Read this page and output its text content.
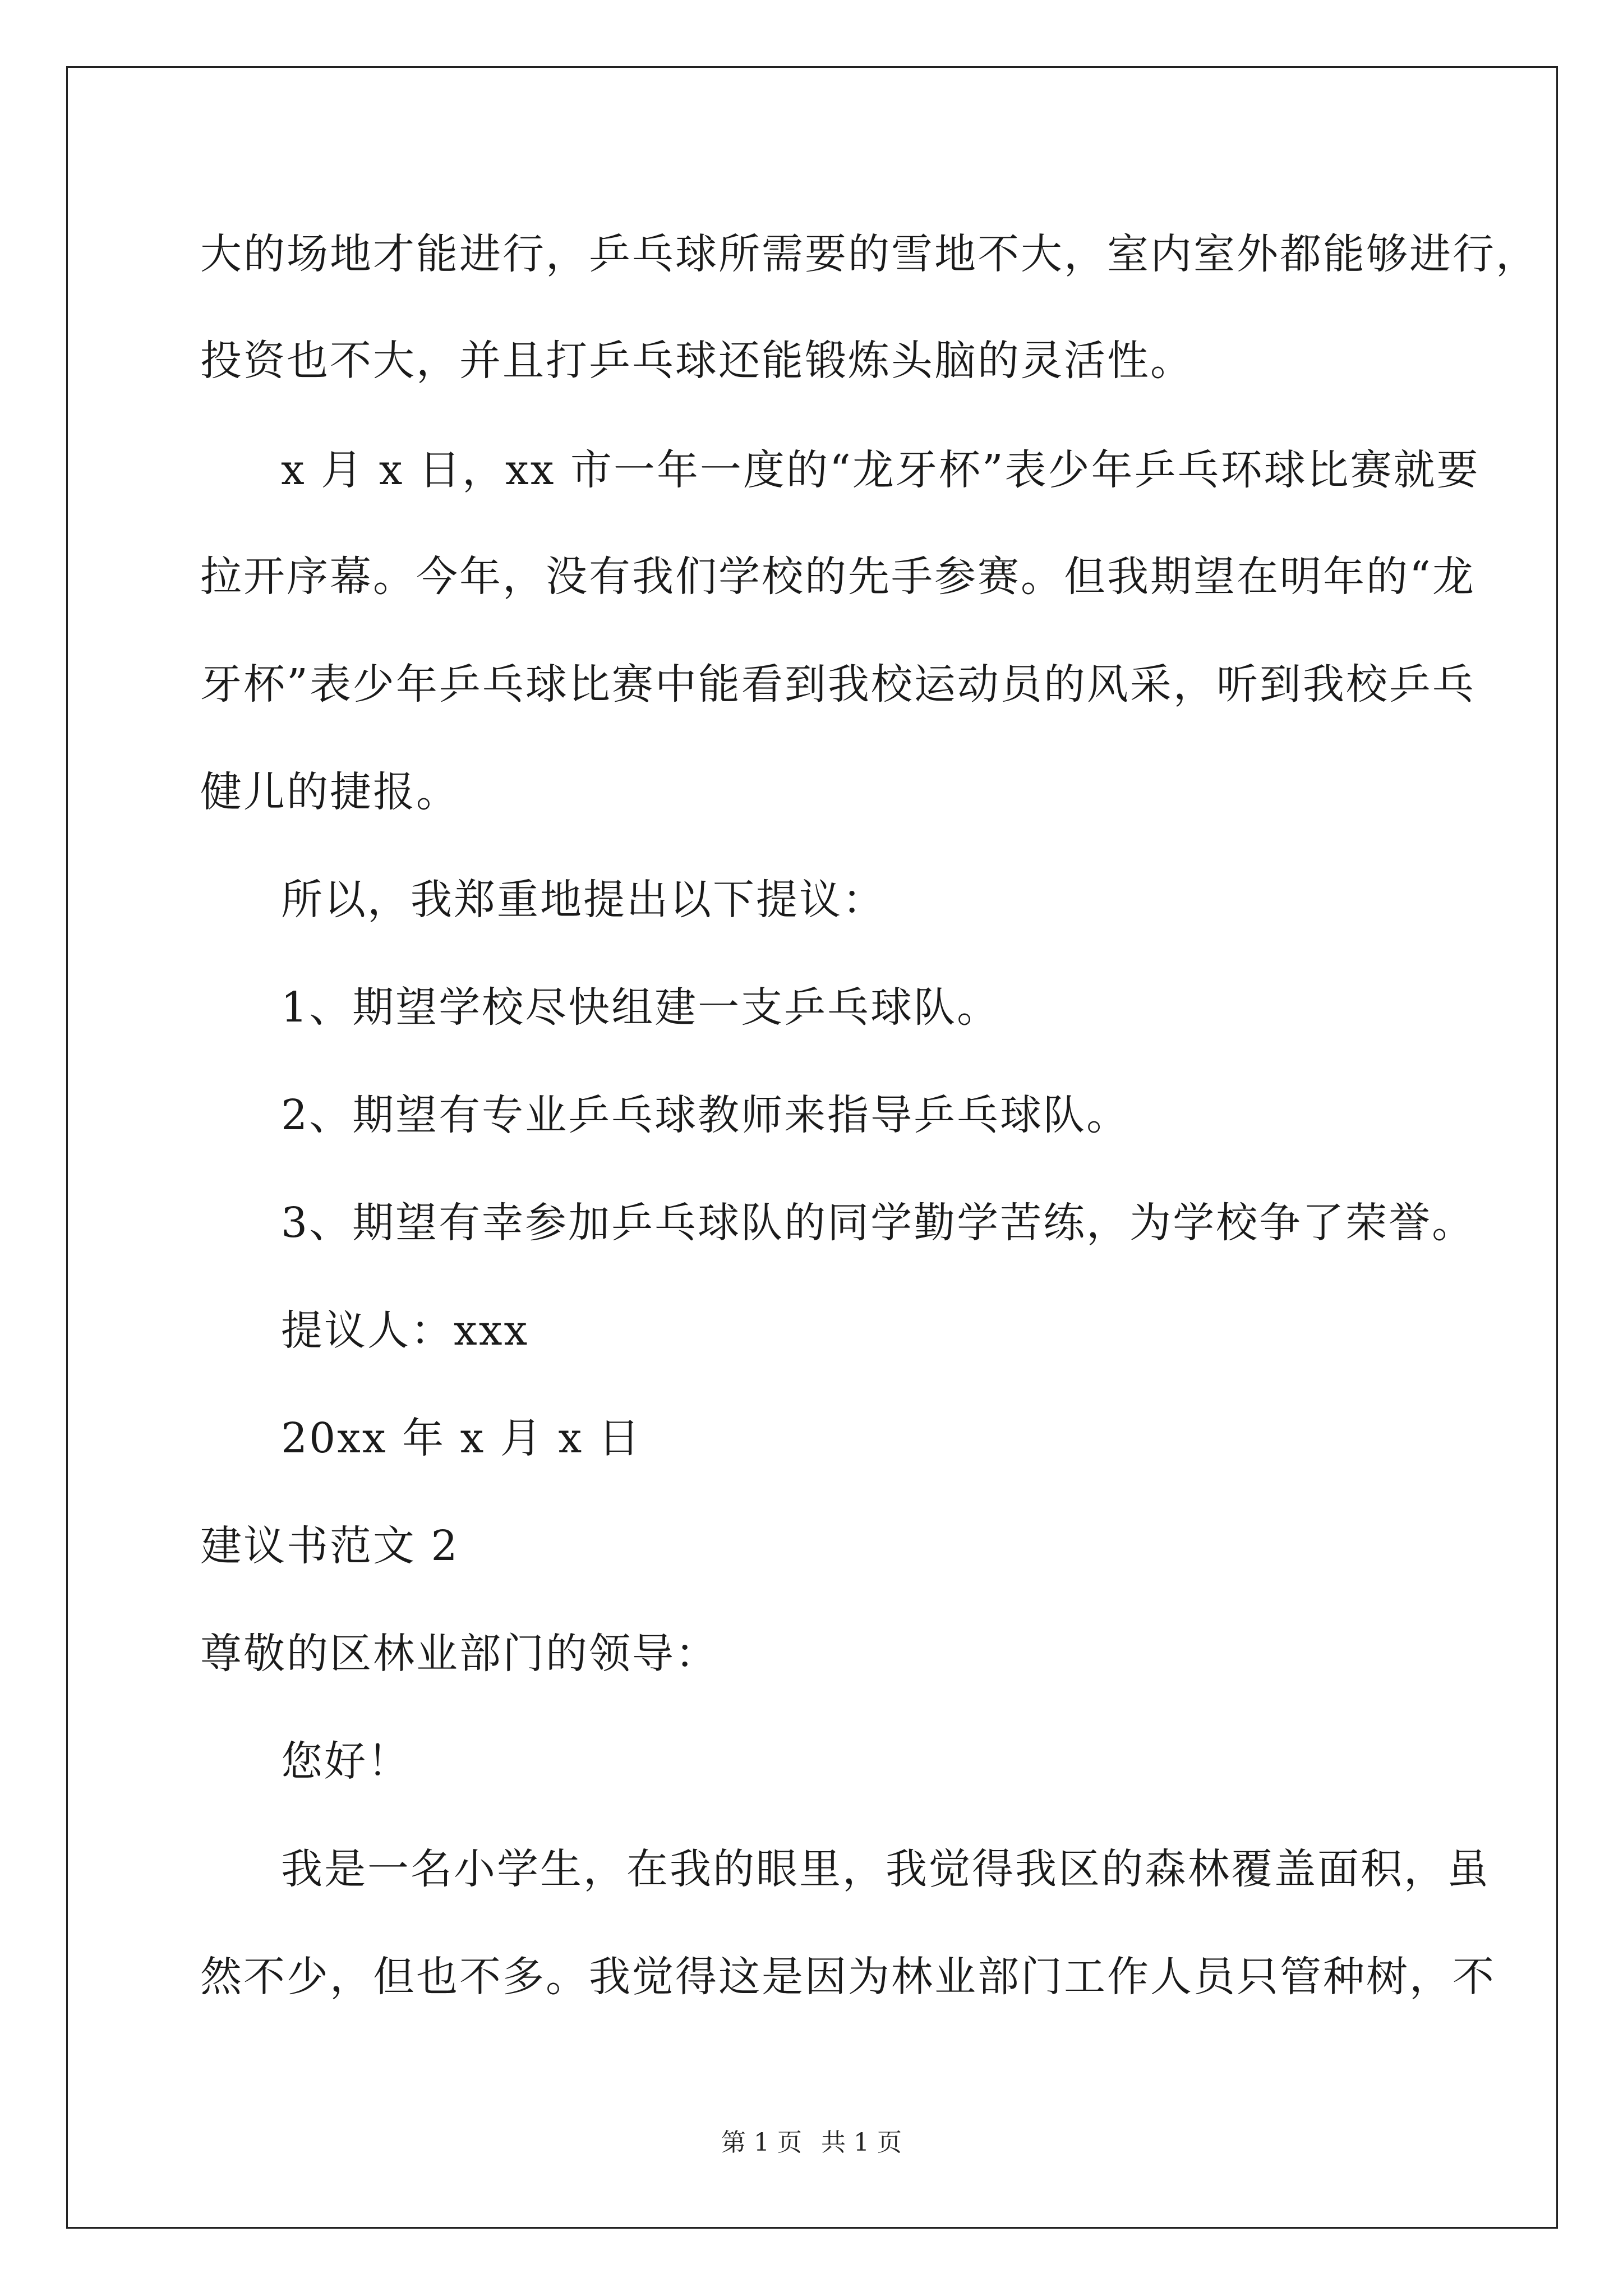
大的场地才能进行，乒乓球所需要的雪地不大，室内室外都能够进行，
投资也不大，并且打乒乓球还能锻炼头脑的灵活性。
x 月 x 日，xx 市一年一度的“龙牙杯”表少年乒乓环球比赛就要
拉开序幕。今年，没有我们学校的先手参赛。但我期望在明年的“龙
牙杯”表少年乒乓球比赛中能看到我校运动员的风采，听到我校乒乓
健儿的捷报。
所以，我郑重地提出以下提议：
1、期望学校尽快组建一支乒乓球队。
2、期望有专业乒乓球教师来指导乒乓球队。
3、期望有幸参加乒乓球队的同学勤学苦练，为学校争了荣誉。
提议人：xxx
20xx 年 x 月 x 日
建议书范文 2
尊敬的区林业部门的领导：
您好！
我是一名小学生，在我的眼里，我觉得我区的森林覆盖面积，虽
然不少，但也不多。我觉得这是因为林业部门工作人员只管种树，不
第 1 页 共 1 页
